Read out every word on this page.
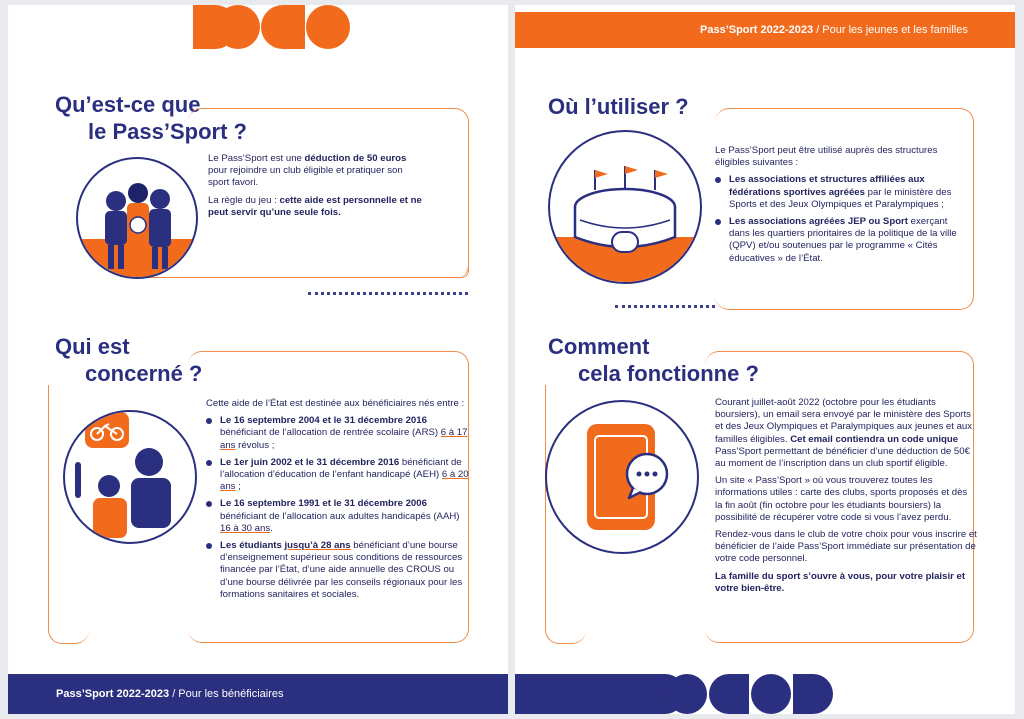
Qu’est-ce que
le Pass’Sport ?

Le Pass’Sport est une déduction de 50 euros pour rejoindre un club éligible et pratiquer son sport favori.

La règle du jeu : cette aide est personnelle et ne peut servir qu’une seule fois.

Qui est
concerné ?

Cette aide de l’État est destinée aux bénéficiaires nés entre :

Le 16 septembre 2004 et le 31 décembre 2016 bénéficiant de l’allocation de rentrée scolaire (ARS) 6 à 17 ans révolus ;
Le 1er juin 2002 et le 31 décembre 2016 bénéficiant de l’allocation d’éducation de l’enfant handicapé (AEH) 6 à 20 ans ;
Le 16 septembre 1991 et le 31 décembre 2006 bénéficiant de l’allocation aux adultes handicapés (AAH) 16 à 30 ans.
Les étudiants jusqu’à 28 ans bénéficiant d’une bourse d’enseignement supérieur sous conditions de ressources financée par l’État, d’une aide annuelle des CROUS ou d’une bourse délivrée par les conseils régionaux pour les formations sanitaires et sociales.
Pass’Sport 2022-2023 / Pour les bénéficiaires
Pass’Sport 2022-2023 / Pour les jeunes et les familles
Où l’utiliser ?

Le Pass’Sport peut être utilisé auprès des structures éligibles suivantes :

Les associations et structures affiliées aux fédérations sportives agréées par le ministère des Sports et des Jeux Olympiques et Paralympiques ;
Les associations agréées JEP ou Sport exerçant dans les quartiers prioritaires de la politique de la ville (QPV) et/ou soutenues par le programme « Cités éducatives » de l’État.
Comment
cela fonctionne ?

Courant juillet-août 2022 (octobre pour les étudiants boursiers), un email sera envoyé par le ministère des Sports et des Jeux Olympiques et Paralympiques aux jeunes et aux familles éligibles. Cet email contiendra un code unique Pass’Sport permettant de bénéficier d’une déduction de 50€ au moment de l’inscription dans un club sportif éligible.

Un site « Pass’Sport » où vous trouverez toutes les informations utiles : carte des clubs, sports proposés et dès la fin août (fin octobre pour les étudiants boursiers) la possibilité de récupérer votre code si vous l’avez perdu.

Rendez-vous dans le club de votre choix pour vous inscrire et bénéficier de l’aide Pass’Sport immédiate sur présentation de votre code personnel.

La famille du sport s’ouvre à vous, pour votre plaisir et votre bien-être.
